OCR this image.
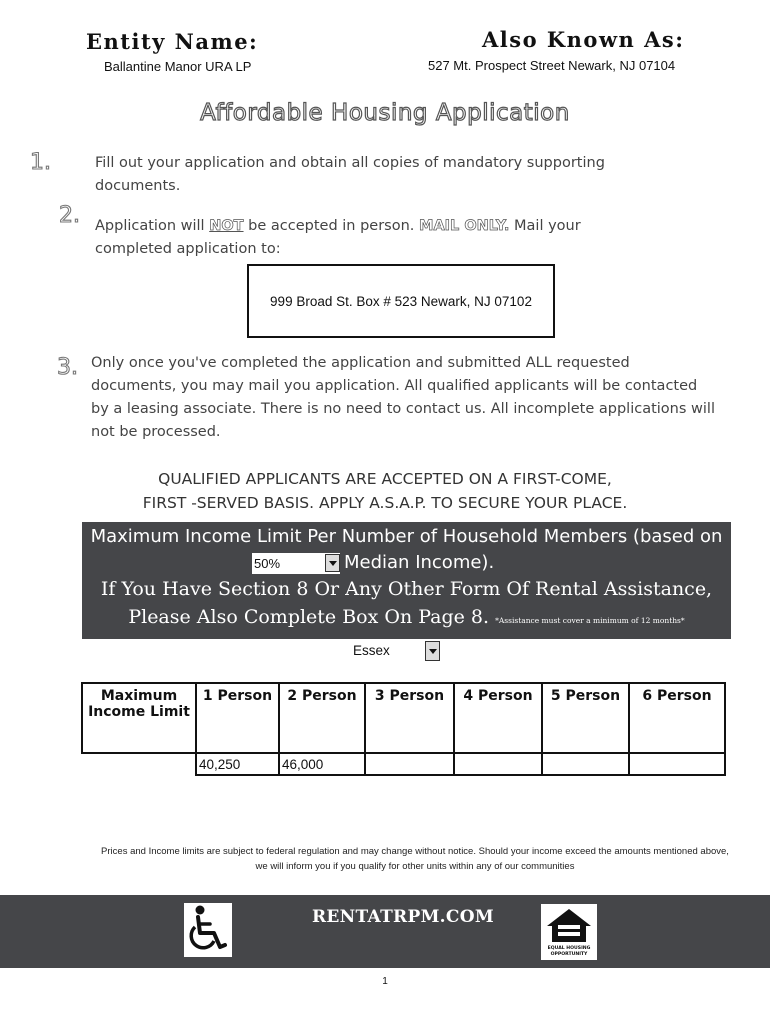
Entity Name:
Ballantine Manor URA LP
Also Known As:
527 Mt. Prospect Street Newark, NJ 07104
Affordable Housing Application
1.	Fill out your application and obtain all copies of mandatory supporting documents.
2. Application will NOT be accepted in person. MAIL ONLY. Mail your completed application to:
999 Broad St. Box # 523 Newark, NJ 07102
3. Only once you've completed the application and submitted ALL requested documents, you may mail you application. All qualified applicants will be contacted by a leasing associate. There is no need to contact us. All incomplete applications will not be processed.
QUALIFIED APPLICANTS ARE ACCEPTED ON A FIRST-COME,
FIRST -SERVED BASIS. APPLY A.S.A.P. TO SECURE YOUR PLACE.
Maximum Income Limit Per Number of Household Members (based on
50%	Median Income).
If You Have Section 8 Or Any Other Form Of Rental Assistance,
Please Also Complete Box On Page 8. *Assistance must cover a minimum of 12 months*
Essex
Maximum Income Limit	1 Person	2 Person	3 Person	4 Person	5 Person	6 Person
	40,250	46,000				
Prices and Income limits are subject to federal regulation and may change without notice. Should your income exceed the amounts mentioned above, we will inform you if you qualify for other units within any of our communities
RENTATRPM.COM
EQUAL HOUSING
OPPORTUNITY
1
